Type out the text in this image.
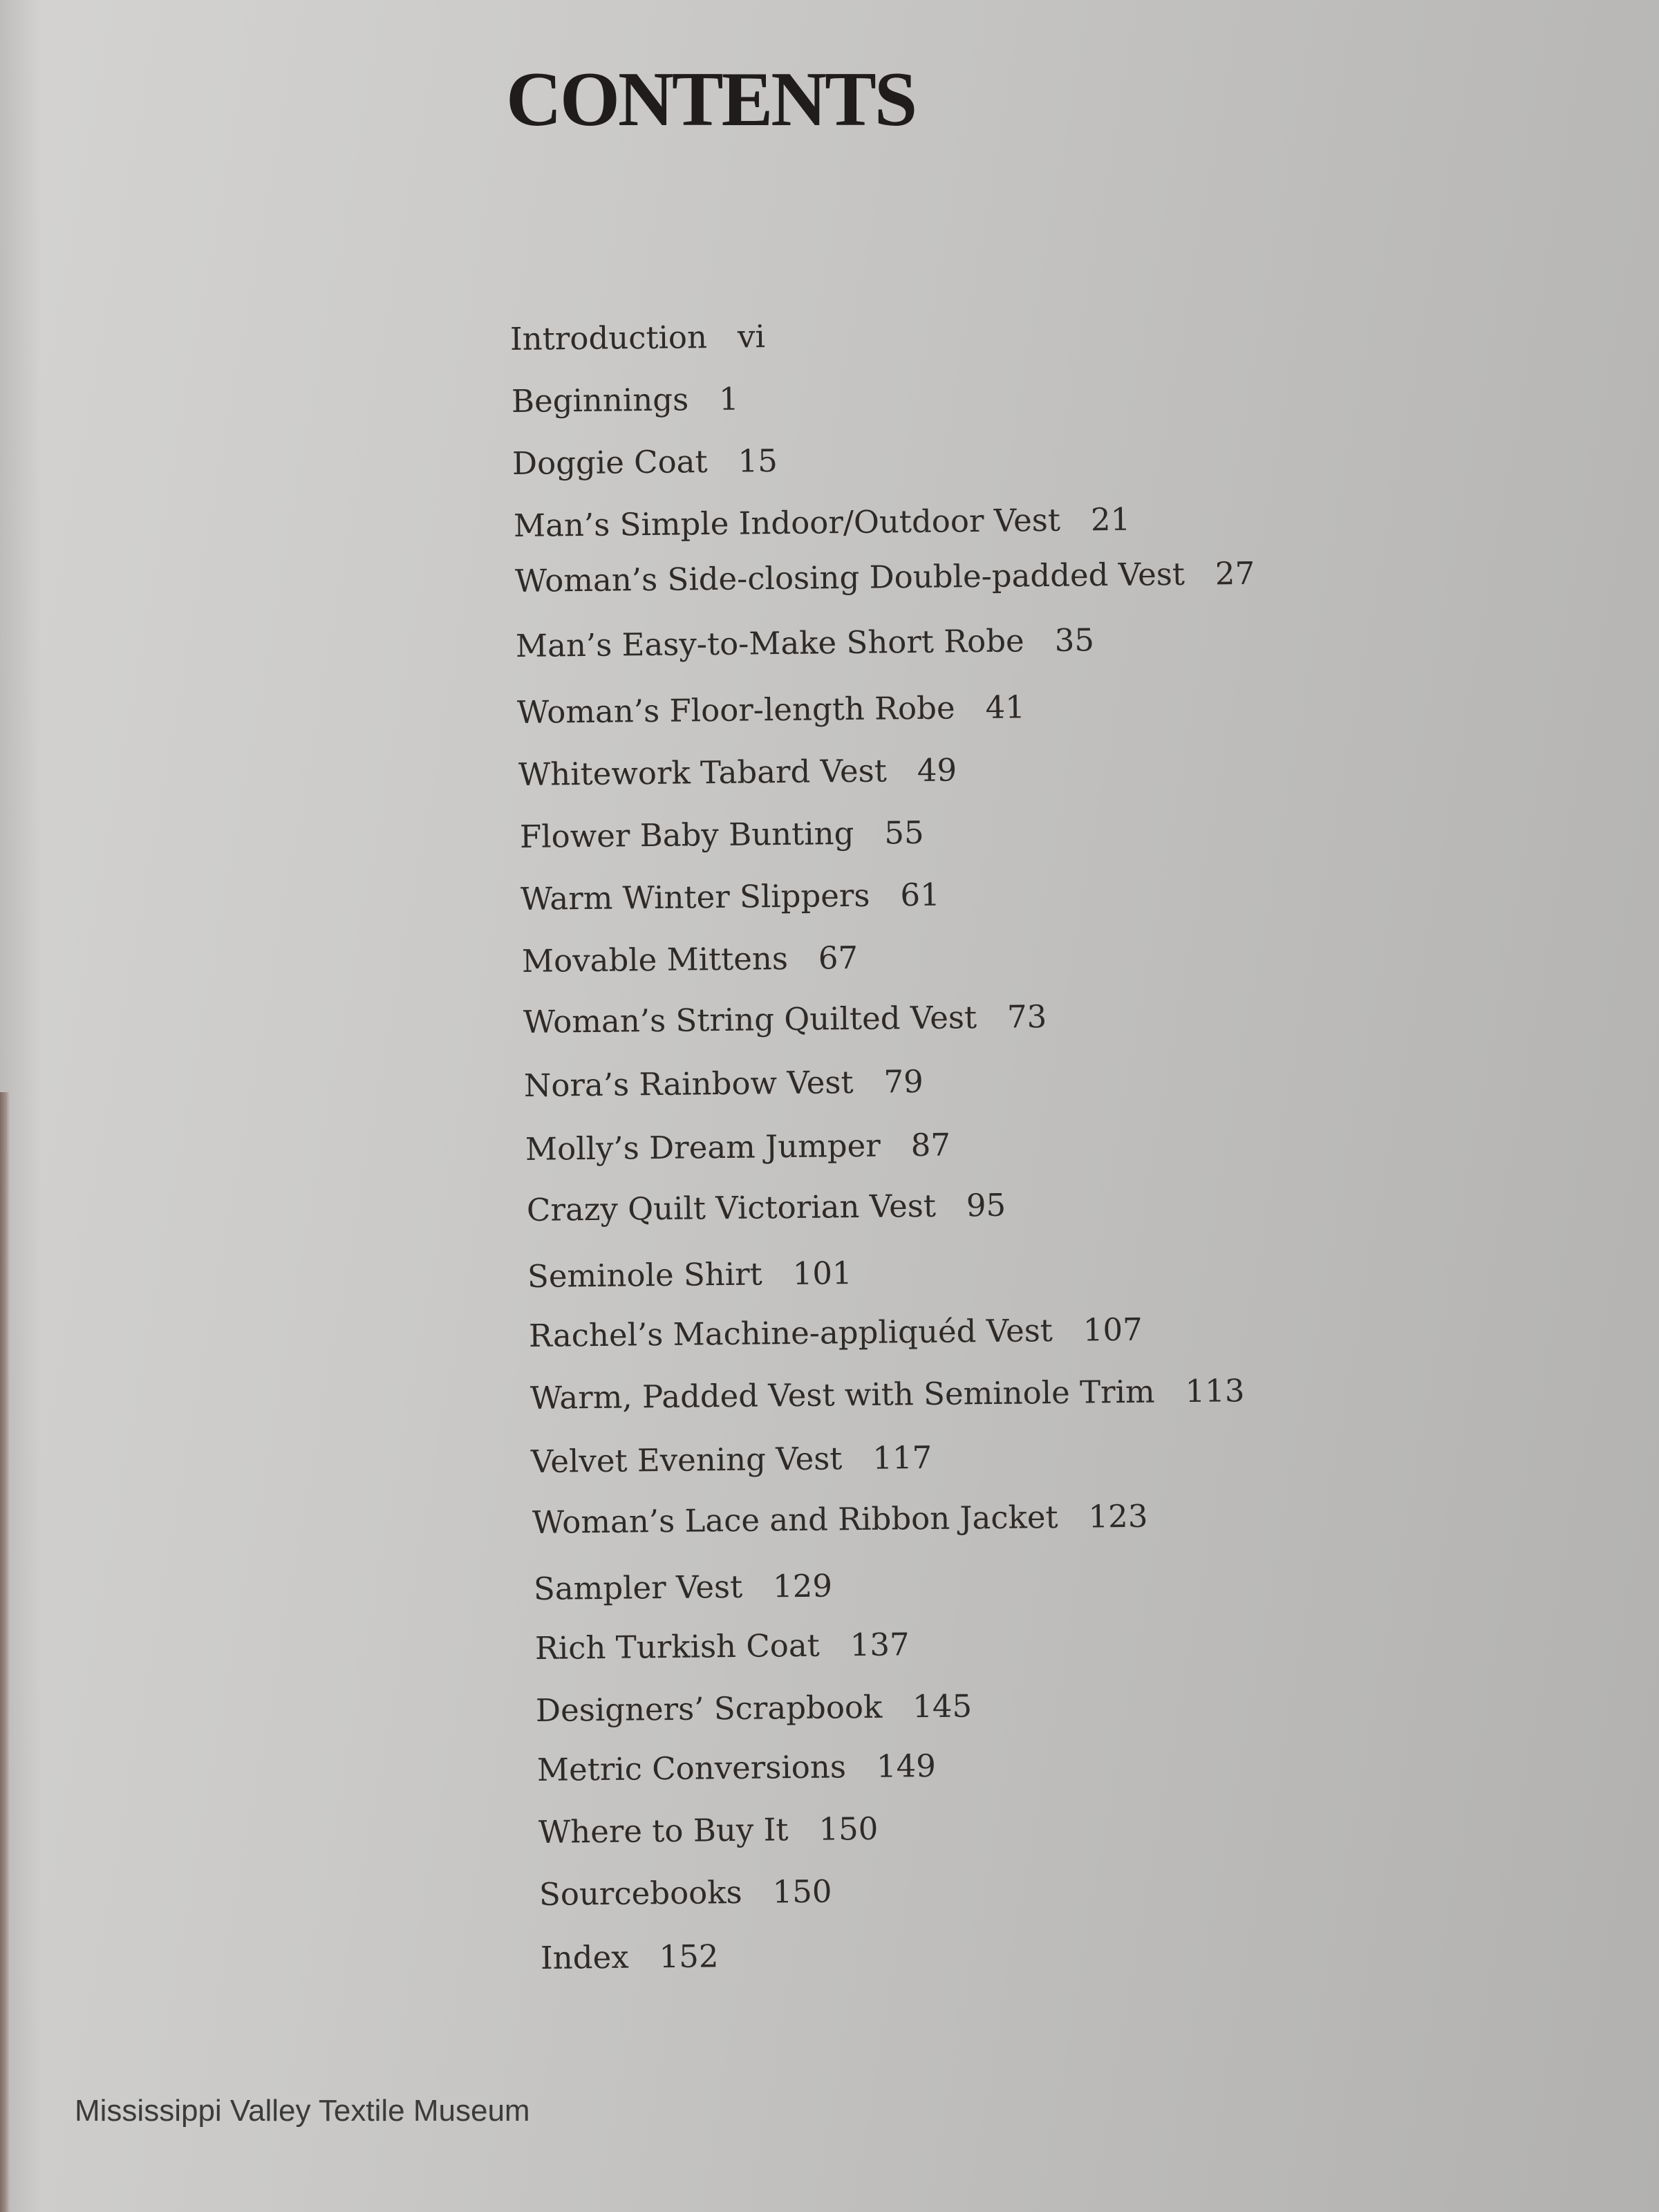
CONTENTS
Introduction vi
Beginnings 1
Doggie Coat 15
Man’s Simple Indoor/Outdoor Vest 21
Woman’s Side-closing Double-padded Vest 27
Man’s Easy-to-Make Short Robe 35
Woman’s Floor-length Robe 41
Whitework Tabard Vest 49
Flower Baby Bunting 55
Warm Winter Slippers 61
Movable Mittens 67
Woman’s String Quilted Vest 73
Nora’s Rainbow Vest 79
Molly’s Dream Jumper 87
Crazy Quilt Victorian Vest 95
Seminole Shirt 101
Rachel’s Machine-appliquéd Vest 107
Warm, Padded Vest with Seminole Trim 113
Velvet Evening Vest 117
Woman’s Lace and Ribbon Jacket 123
Sampler Vest 129
Rich Turkish Coat 137
Designers’ Scrapbook 145
Metric Conversions 149
Where to Buy It 150
Sourcebooks 150
Index 152
Mississippi Valley Textile Museum
